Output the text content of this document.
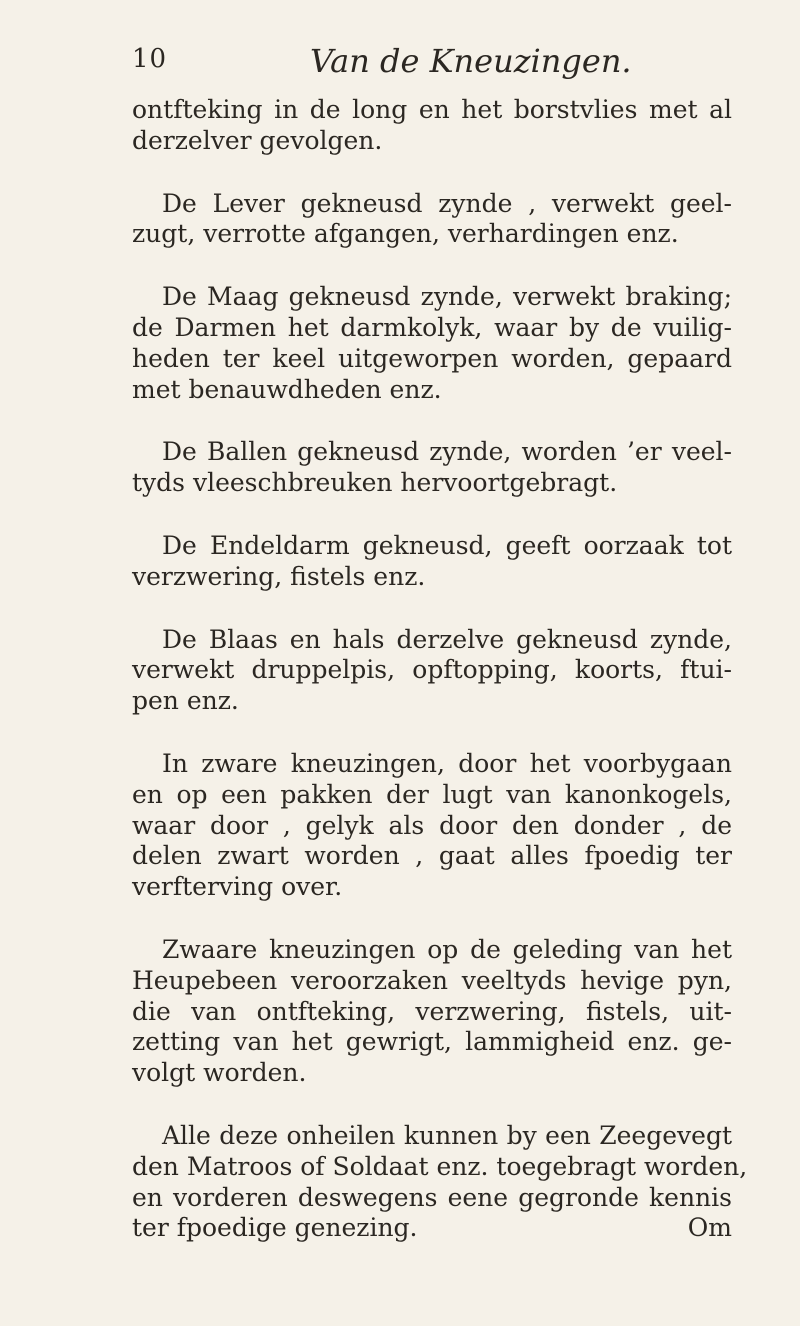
10	Van de Kneuzingen.
ontfteking in de long en het borstvlies met al
derzelver gevolgen.
De Lever gekneusd zynde , verwekt geel-
zugt, verrotte afgangen, verhardingen enz.
De Maag gekneusd zynde, verwekt braking;
de Darmen het darmkolyk, waar by de vuilig-
heden ter keel uitgeworpen worden, gepaard
met benauwdheden enz.
De Ballen gekneusd zynde, worden ’er veel-
tyds vleeschbreuken hervoortgebragt.
De Endeldarm gekneusd, geeft oorzaak tot
verzwering, fistels enz.
De Blaas en hals derzelve gekneusd zynde,
verwekt druppelpis, opftopping, koorts, ftui-
pen enz.
In zware kneuzingen, door het voorbygaan
en op een pakken der lugt van kanonkogels,
waar door , gelyk als door den donder , de
delen zwart worden , gaat alles fpoedig ter
verfterving over.
Zwaare kneuzingen op de geleding van het
Heupebeen veroorzaken veeltyds hevige pyn,
die van ontfteking, verzwering, fistels, uit-
zetting van het gewrigt, lammigheid enz. ge-
volgt worden.
Alle deze onheilen kunnen by een Zeegevegt
den Matroos of Soldaat enz. toegebragt worden,
en vorderen deswegens eene gegronde kennis
ter fpoedige genezing.	Om
